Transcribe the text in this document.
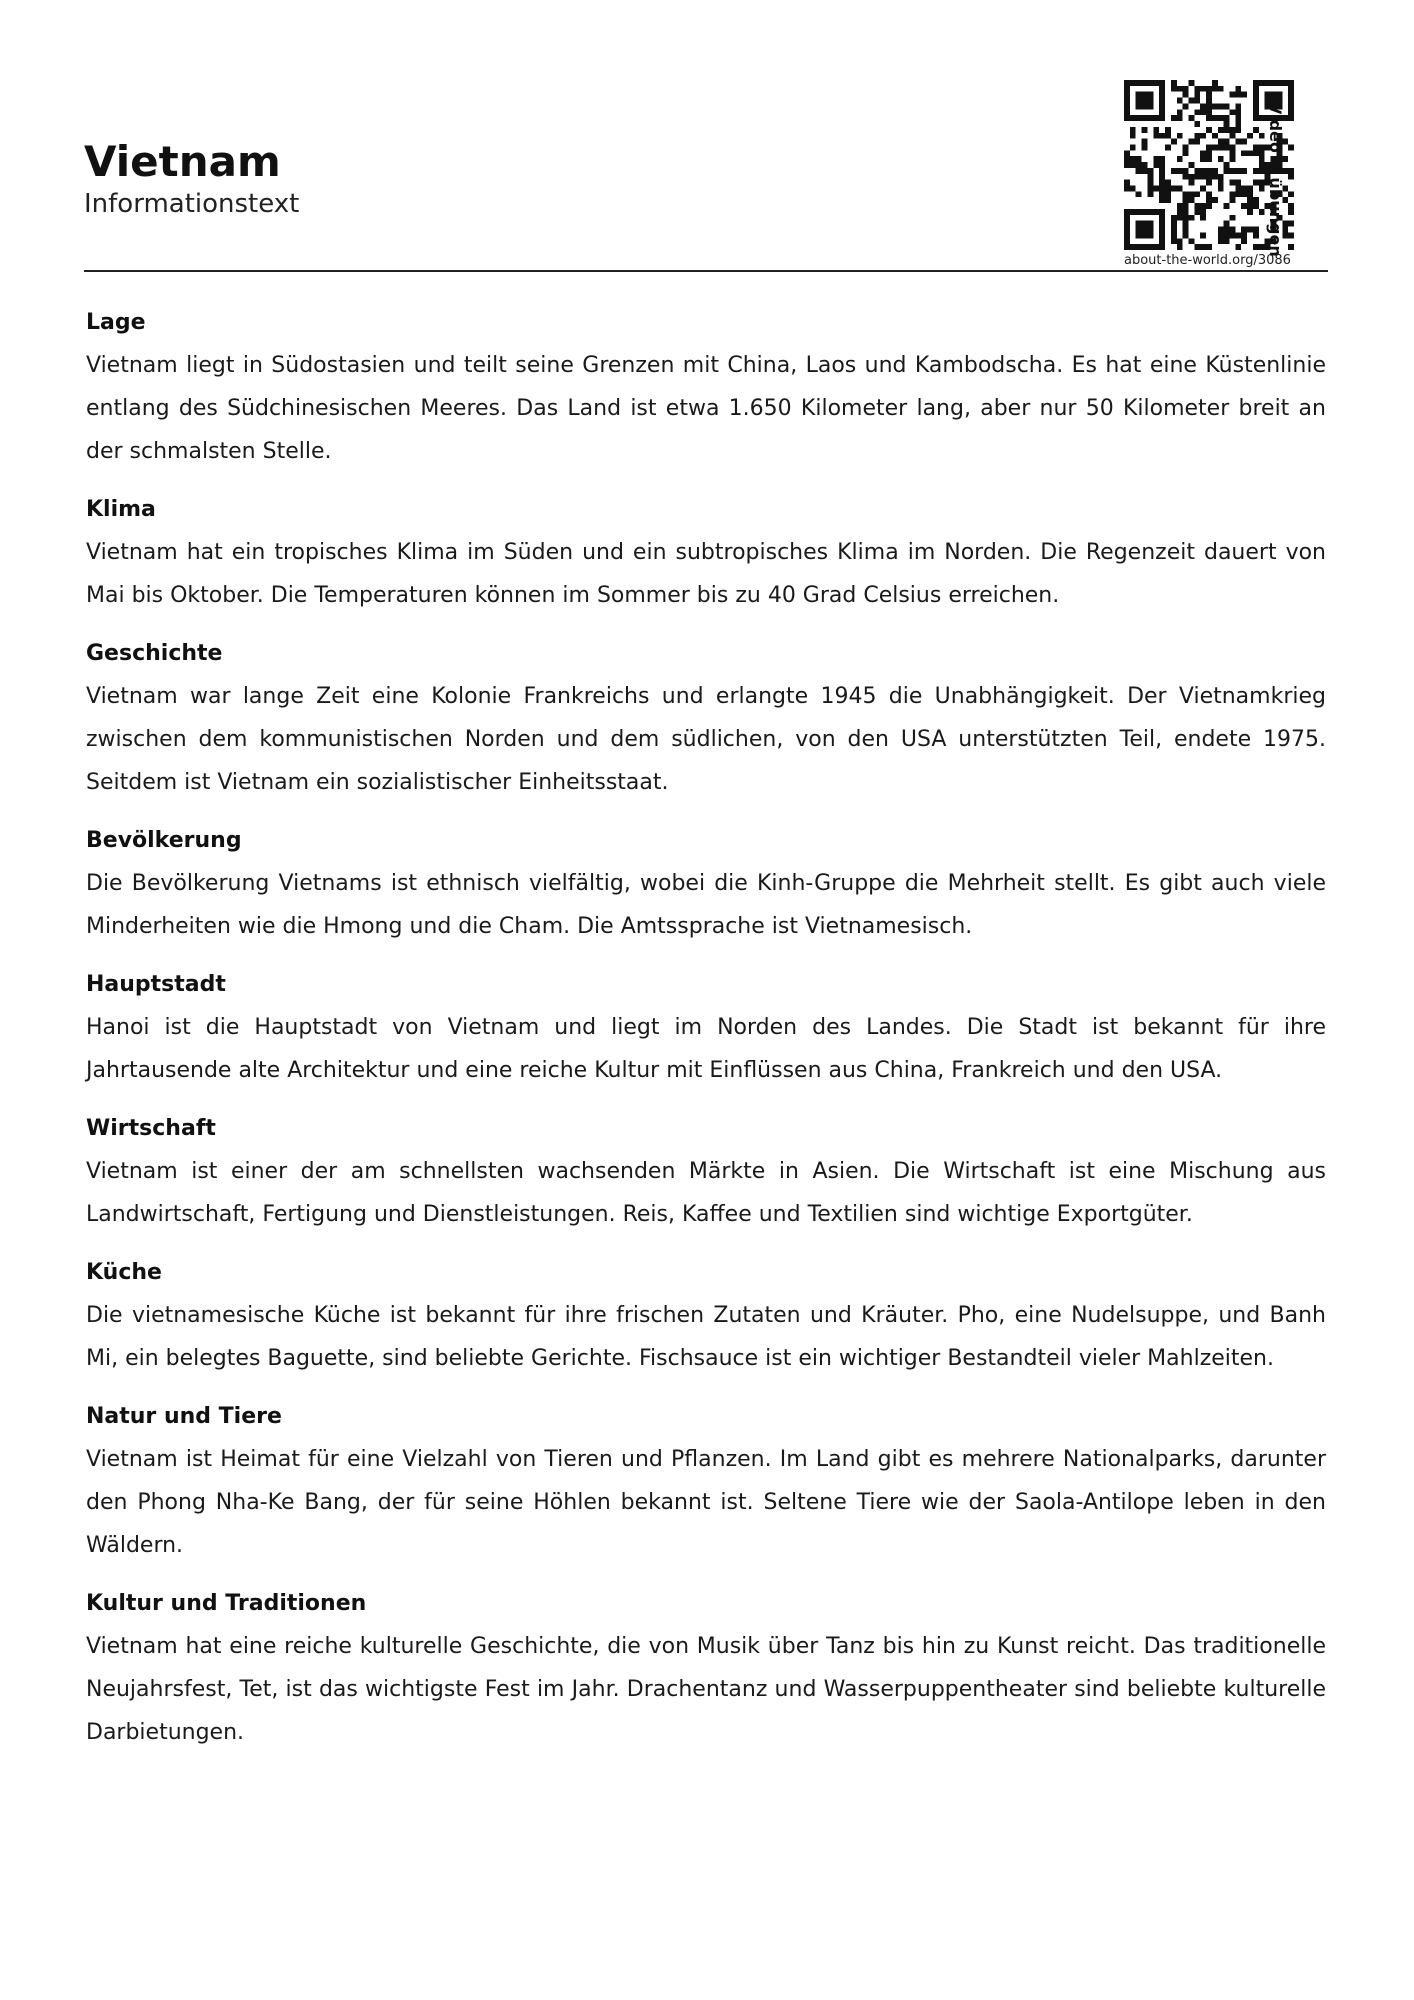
Vietnam
Informationstext	Video + übungen
about-the-world.org/3086
Lage

Vietnam liegt in Südostasien und teilt seine Grenzen mit China, Laos und Kambodscha. Es hat eine Küstenlinie entlang des Südchinesischen Meeres. Das Land ist etwa 1.650 Kilometer lang, aber nur 50 Kilometer breit an der schmalsten Stelle.

Klima

Vietnam hat ein tropisches Klima im Süden und ein subtropisches Klima im Norden. Die Regenzeit dauert von Mai bis Oktober. Die Temperaturen können im Sommer bis zu 40 Grad Celsius erreichen.

Geschichte

Vietnam war lange Zeit eine Kolonie Frankreichs und erlangte 1945 die Unabhängigkeit. Der Vietnamkrieg zwischen dem kommunistischen Norden und dem südlichen, von den USA unterstützten Teil, endete 1975. Seitdem ist Vietnam ein sozialistischer Einheitsstaat.

Bevölkerung

Die Bevölkerung Vietnams ist ethnisch vielfältig, wobei die Kinh-Gruppe die Mehrheit stellt. Es gibt auch viele Minderheiten wie die Hmong und die Cham. Die Amtssprache ist Vietnamesisch.

Hauptstadt

Hanoi ist die Hauptstadt von Vietnam und liegt im Norden des Landes. Die Stadt ist bekannt für ihre Jahrtausende alte Architektur und eine reiche Kultur mit Einflüssen aus China, Frankreich und den USA.

Wirtschaft

Vietnam ist einer der am schnellsten wachsenden Märkte in Asien. Die Wirtschaft ist eine Mischung aus Landwirtschaft, Fertigung und Dienstleistungen. Reis, Kaffee und Textilien sind wichtige Exportgüter.

Küche

Die vietnamesische Küche ist bekannt für ihre frischen Zutaten und Kräuter. Pho, eine Nudelsuppe, und Banh Mi, ein belegtes Baguette, sind beliebte Gerichte. Fischsauce ist ein wichtiger Bestandteil vieler Mahlzeiten.

Natur und Tiere

Vietnam ist Heimat für eine Vielzahl von Tieren und Pflanzen. Im Land gibt es mehrere Nationalparks, darunter den Phong Nha-Ke Bang, der für seine Höhlen bekannt ist. Seltene Tiere wie der Saola-Antilope leben in den Wäldern.

Kultur und Traditionen

Vietnam hat eine reiche kulturelle Geschichte, die von Musik über Tanz bis hin zu Kunst reicht. Das traditionelle Neujahrsfest, Tet, ist das wichtigste Fest im Jahr. Drachentanz und Wasserpuppentheater sind beliebte kulturelle Darbietungen.
